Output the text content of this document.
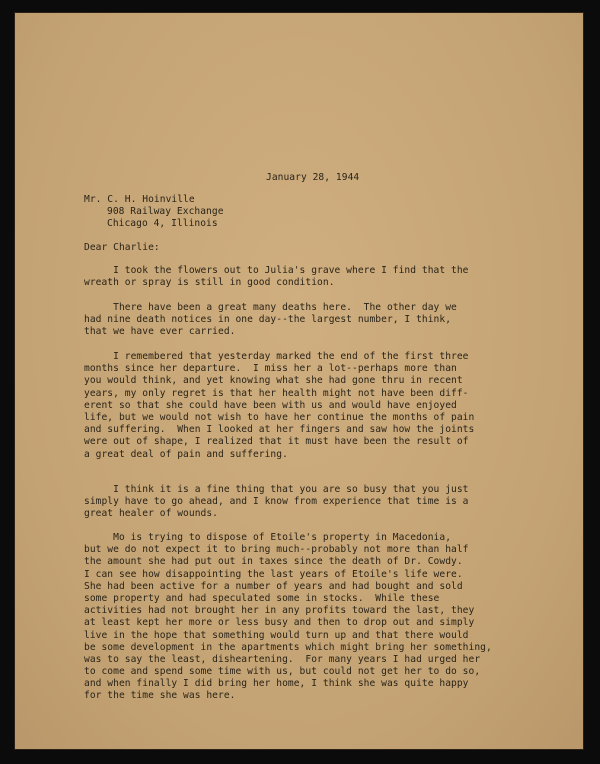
January 28, 1944
Mr. C. H. Hoinville
908 Railway Exchange
Chicago 4, Illinois
Dear Charlie:
I took the flowers out to Julia's grave where I find that the
wreath or spray is still in good condition.
There have been a great many deaths here.  The other day we
had nine death notices in one day--the largest number, I think,
that we have ever carried.
I remembered that yesterday marked the end of the first three
months since her departure.  I miss her a lot--perhaps more than
you would think, and yet knowing what she had gone thru in recent
years, my only regret is that her health might not have been diff-
erent so that she could have been with us and would have enjoyed
life, but we would not wish to have her continue the months of pain
and suffering.  When I looked at her fingers and saw how the joints
were out of shape, I realized that it must have been the result of
a great deal of pain and suffering.
I think it is a fine thing that you are so busy that you just
simply have to go ahead, and I know from experience that time is a
great healer of wounds.
Mo is trying to dispose of Etoile's property in Macedonia,
but we do not expect it to bring much--probably not more than half
the amount she had put out in taxes since the death of Dr. Cowdy.
I can see how disappointing the last years of Etoile's life were.
She had been active for a number of years and had bought and sold
some property and had speculated some in stocks.  While these
activities had not brought her in any profits toward the last, they
at least kept her more or less busy and then to drop out and simply
live in the hope that something would turn up and that there would
be some development in the apartments which might bring her something,
was to say the least, disheartening.  For many years I had urged her
to come and spend some time with us, but could not get her to do so,
and when finally I did bring her home, I think she was quite happy
for the time she was here.
